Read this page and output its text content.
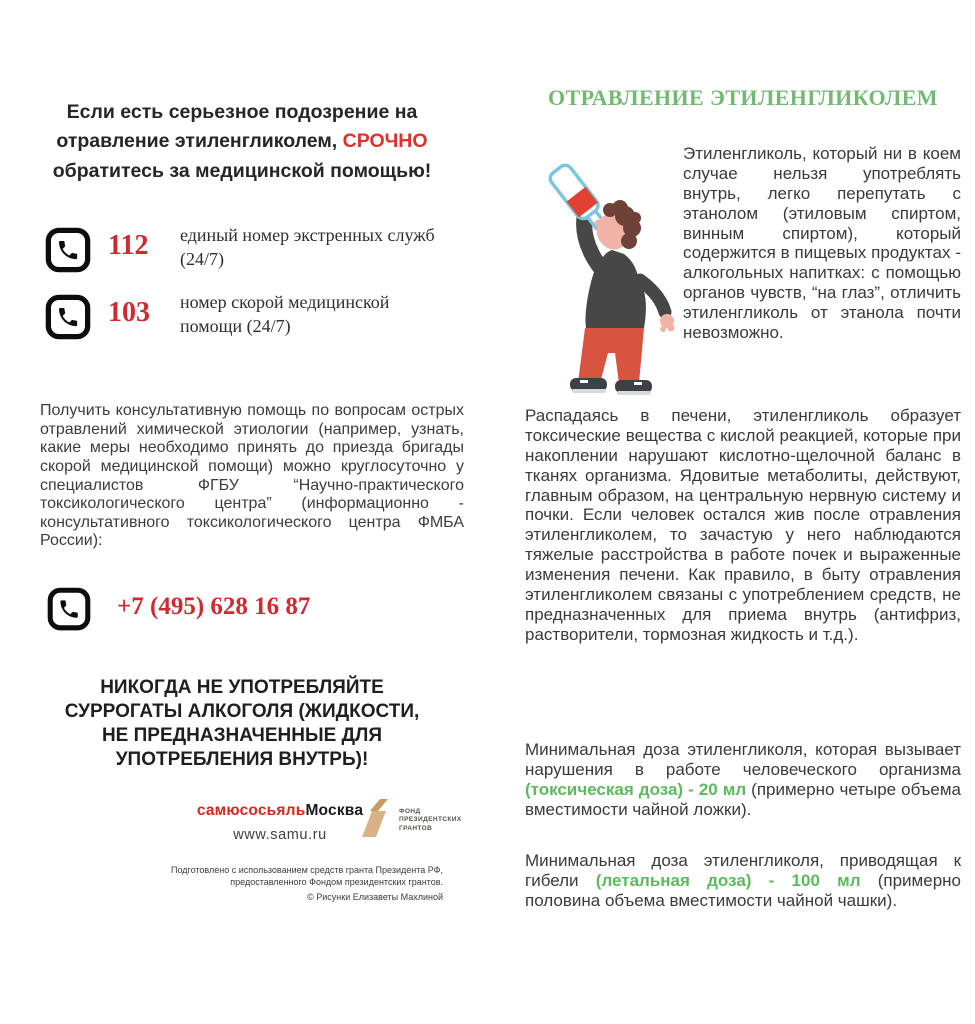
Если есть серьезное подозрение на отравление этиленгликолем, СРОЧНО обратитесь за медицинской помощью!

112 единый номер экстренных служб (24/7)

103 номер скорой медицинской помощи (24/7)

Получить консультативную помощь по вопросам острых отравлений химической этиологии (например, узнать, какие меры необходимо принять до приезда бригады скорой медицинской помощи) можно круглосуточно у специалистов ФГБУ “Научно-практического токсикологического центра” (информационно - консультативного токсикологического центра ФМБА России):

+7 (495) 628 16 87

НИКОГДА НЕ УПОТРЕБЛЯЙТЕ СУРРОГАТЫ АЛКОГОЛЯ (ЖИДКОСТИ, НЕ ПРЕДНАЗНАЧЕННЫЕ ДЛЯ УПОТРЕБЛЕНИЯ ВНУТРЬ)!

самюсосьяльМосква
www.samu.ru
ФОНД
ПРЕЗИДЕНТСКИХ
ГРАНТОВ
Подготовлено с использованием средств гранта Президента РФ,
предоставленного Фондом президентских грантов.
© Рисунки Елизаветы Махлиной
ОТРАВЛЕНИЕ ЭТИЛЕНГЛИКОЛЕМ

Этиленгликоль, который ни в коем случае нельзя употреблять внутрь, легко перепутать с этанолом (этиловым спиртом, винным спиртом), который содержится в пищевых продуктах - алкогольных напитках: с помощью органов чувств, “на глаз”, отличить этиленгликоль от этанола почти невозможно.

Распадаясь в печени, этиленгликоль образует токсические вещества с кислой реакцией, которые при накоплении нарушают кислотно-щелочной баланс в тканях организма. Ядовитые метаболиты, действуют, главным образом, на центральную нервную систему и почки. Если человек остался жив после отравления этиленгликолем, то зачастую у него наблюдаются тяжелые расстройства в работе почек и выраженные изменения печени. Как правило, в быту отравления этиленгликолем связаны с употреблением средств, не предназначенных для приема внутрь (антифриз, растворители, тормозная жидкость и т.д.).

Минимальная доза этиленгликоля, которая вызывает нарушения в работе человеческого организма (токсическая доза) - 20 мл (примерно четыре объема вместимости чайной ложки).

Минимальная доза этиленгликоля, приводящая к гибели (летальная доза) - 100 мл (примерно половина объема вместимости чайной чашки).
